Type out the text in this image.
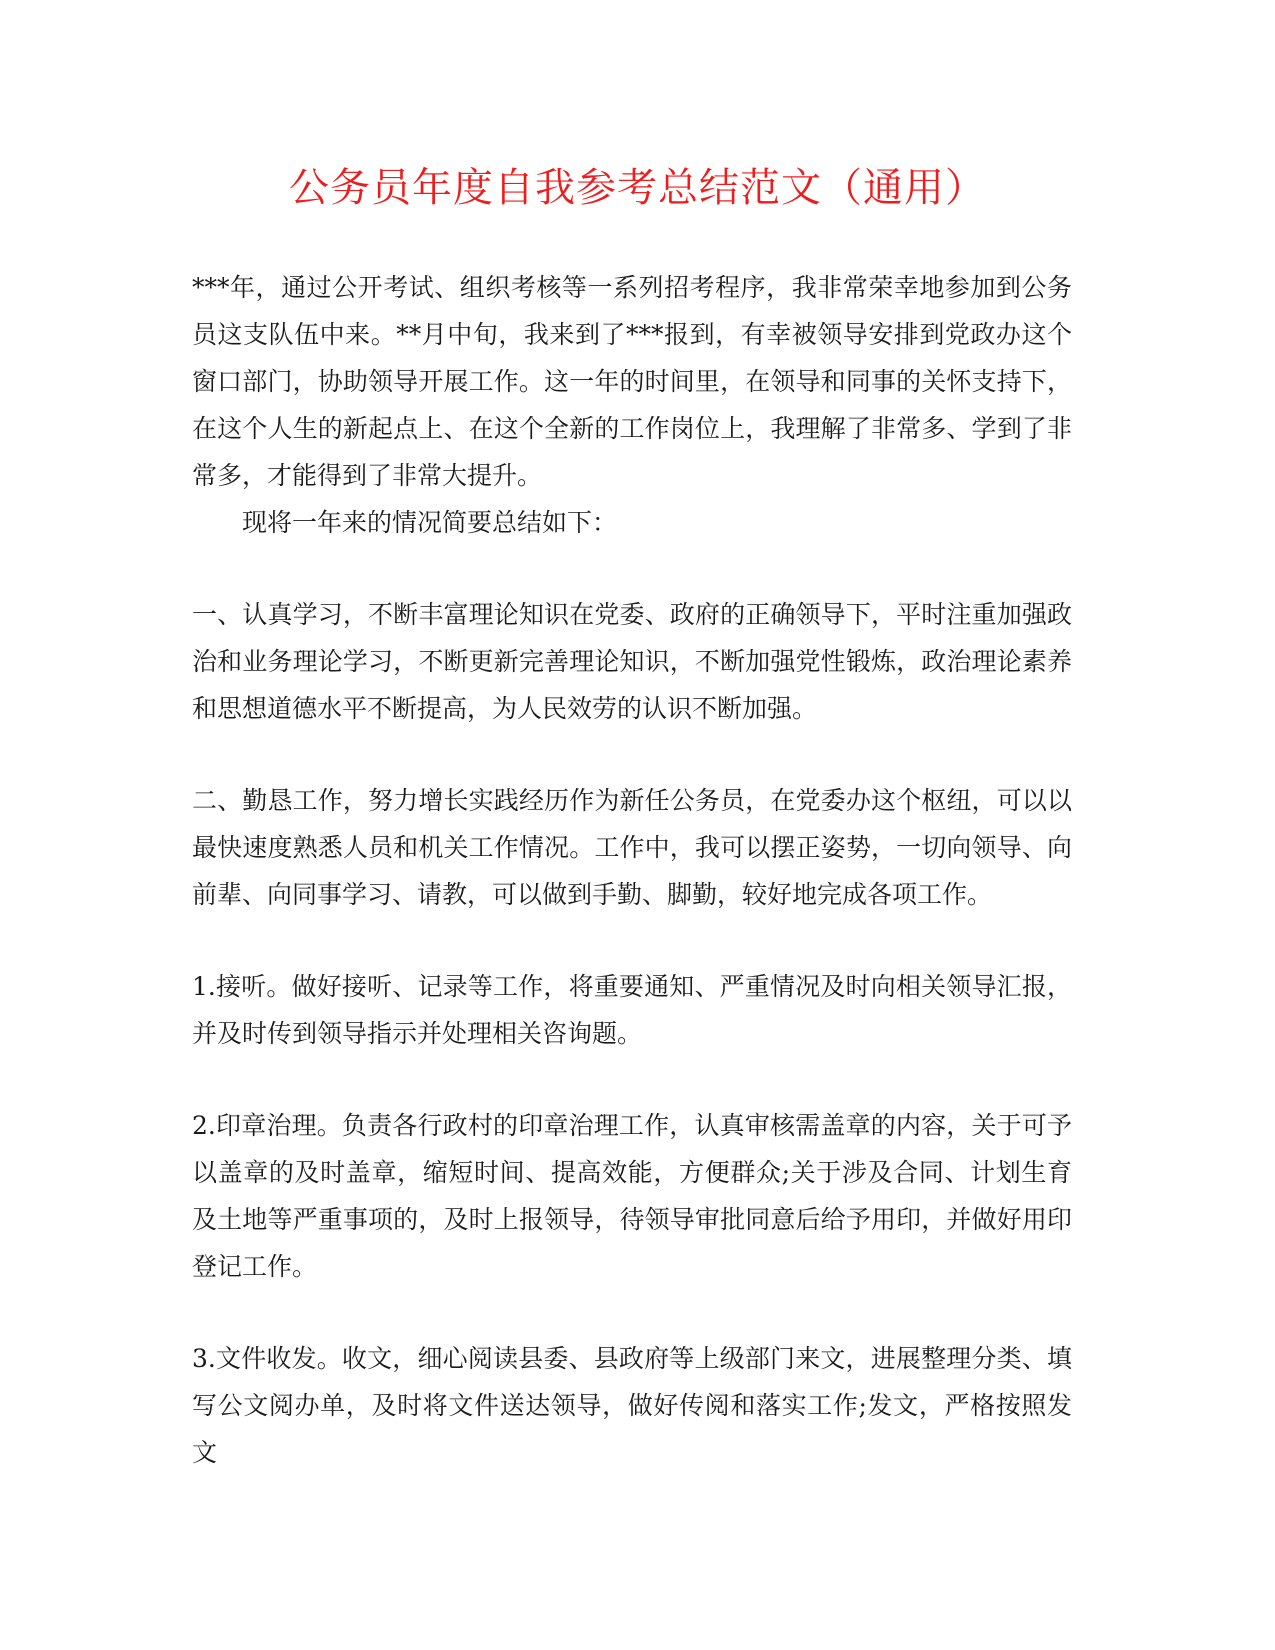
公务员年度自我参考总结范文（通用）

***年，通过公开考试、组织考核等一系列招考程序，我非常荣幸地参加到公务员这支队伍中来。**月中旬，我来到了***报到，有幸被领导安排到党政办这个窗口部门，协助领导开展工作。这一年的时间里，在领导和同事的关怀支持下，在这个人生的新起点上、在这个全新的工作岗位上，我理解了非常多、学到了非常多，才能得到了非常大提升。

现将一年来的情况简要总结如下：

一、认真学习，不断丰富理论知识在党委、政府的正确领导下，平时注重加强政治和业务理论学习，不断更新完善理论知识，不断加强党性锻炼，政治理论素养和思想道德水平不断提高，为人民效劳的认识不断加强。

二、勤恳工作，努力增长实践经历作为新任公务员，在党委办这个枢纽，可以以最快速度熟悉人员和机关工作情况。工作中，我可以摆正姿势，一切向领导、向前辈、向同事学习、请教，可以做到手勤、脚勤，较好地完成各项工作。

1.接听。做好接听、记录等工作，将重要通知、严重情况及时向相关领导汇报，并及时传到领导指示并处理相关咨询题。

2.印章治理。负责各行政村的印章治理工作，认真审核需盖章的内容，关于可予以盖章的及时盖章，缩短时间、提高效能，方便群众;关于涉及合同、计划生育及土地等严重事项的，及时上报领导，待领导审批同意后给予用印，并做好用印登记工作。

3.文件收发。收文，细心阅读县委、县政府等上级部门来文，进展整理分类、填写公文阅办单，及时将文件送达领导，做好传阅和落实工作;发文，严格按照发文
